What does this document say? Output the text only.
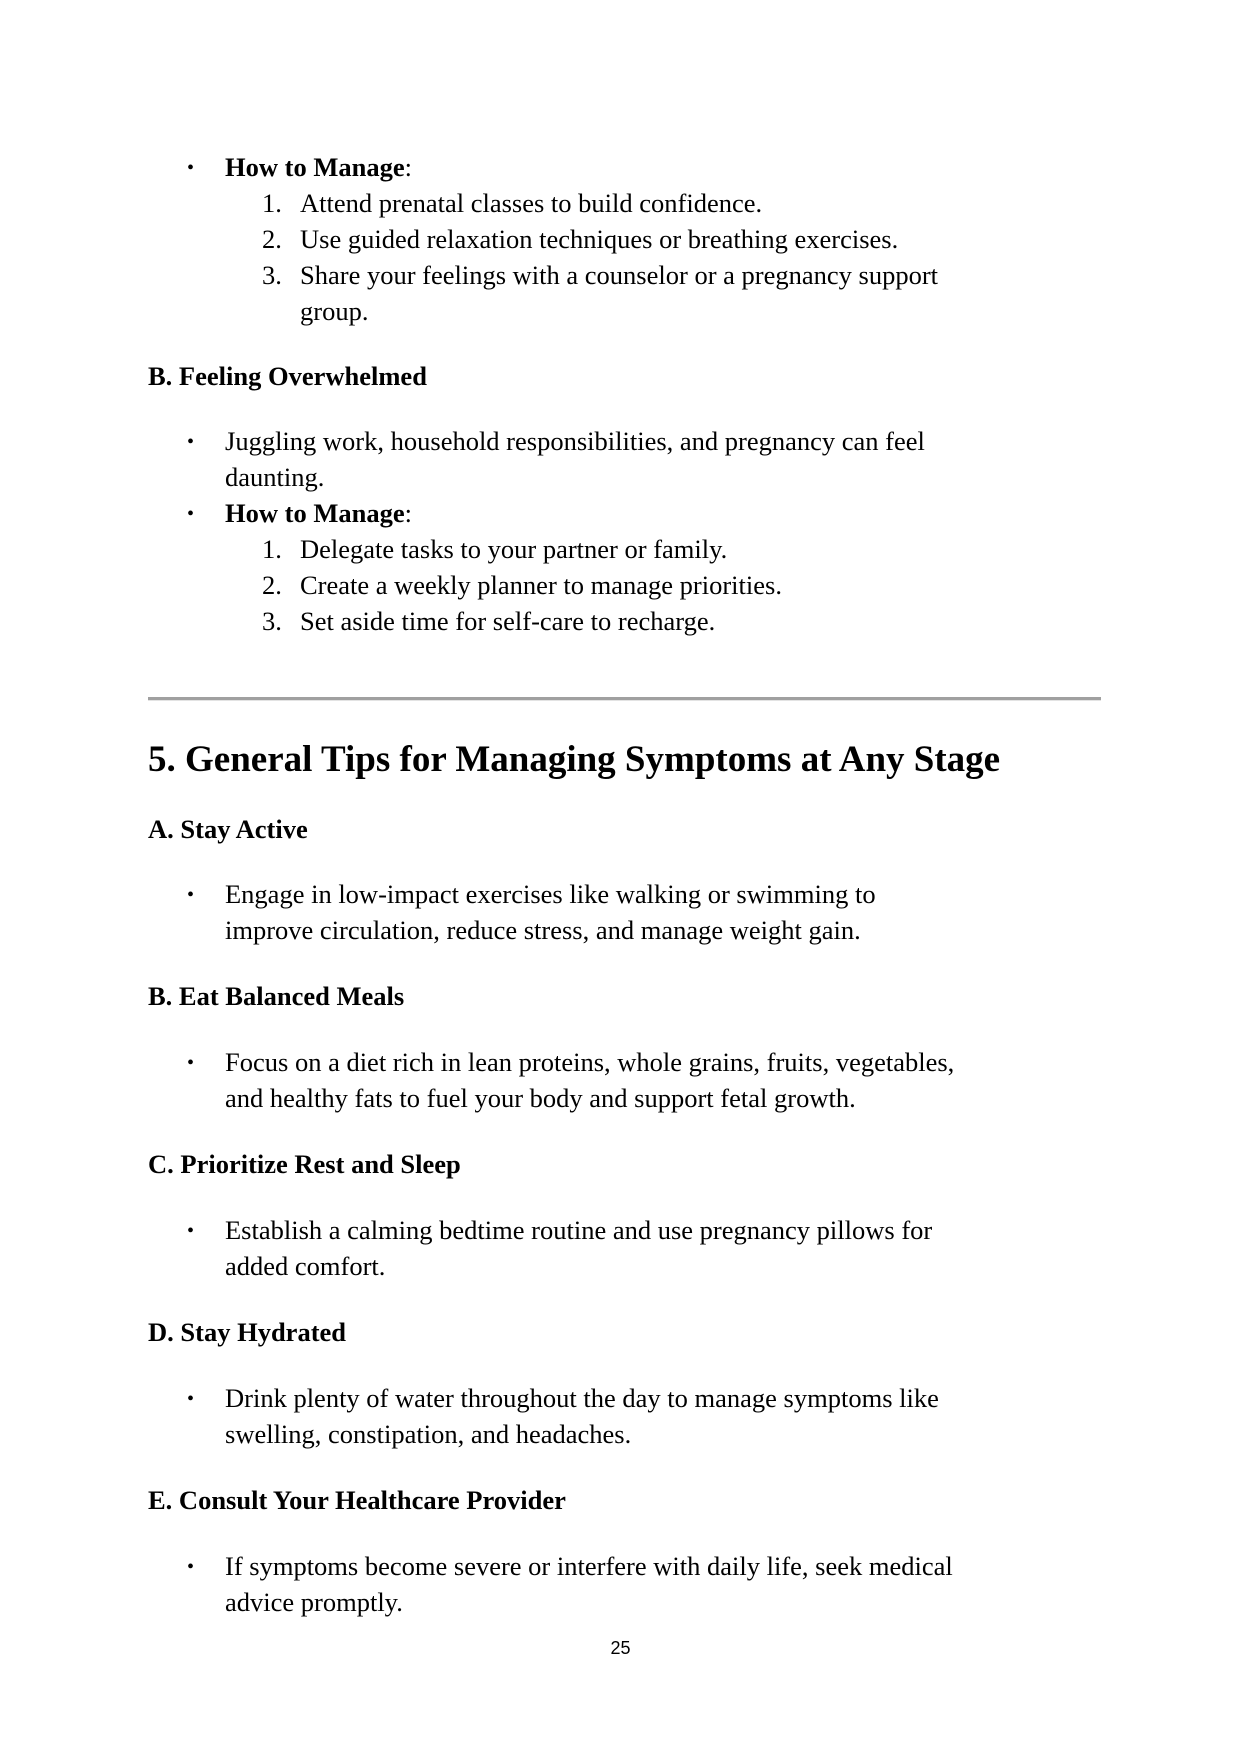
• How to Manage:
1. Attend prenatal classes to build confidence.
2. Use guided relaxation techniques or breathing exercises.
3. Share your feelings with a counselor or a pregnancy support
group.
B. Feeling Overwhelmed
• Juggling work, household responsibilities, and pregnancy can feel
daunting.
• How to Manage:
1. Delegate tasks to your partner or family.
2. Create a weekly planner to manage priorities.
3. Set aside time for self-care to recharge.
5. General Tips for Managing Symptoms at Any Stage
A. Stay Active
• Engage in low-impact exercises like walking or swimming to
improve circulation, reduce stress, and manage weight gain.
B. Eat Balanced Meals
• Focus on a diet rich in lean proteins, whole grains, fruits, vegetables,
and healthy fats to fuel your body and support fetal growth.
C. Prioritize Rest and Sleep
• Establish a calming bedtime routine and use pregnancy pillows for
added comfort.
D. Stay Hydrated
• Drink plenty of water throughout the day to manage symptoms like
swelling, constipation, and headaches.
E. Consult Your Healthcare Provider
• If symptoms become severe or interfere with daily life, seek medical
advice promptly.
25
